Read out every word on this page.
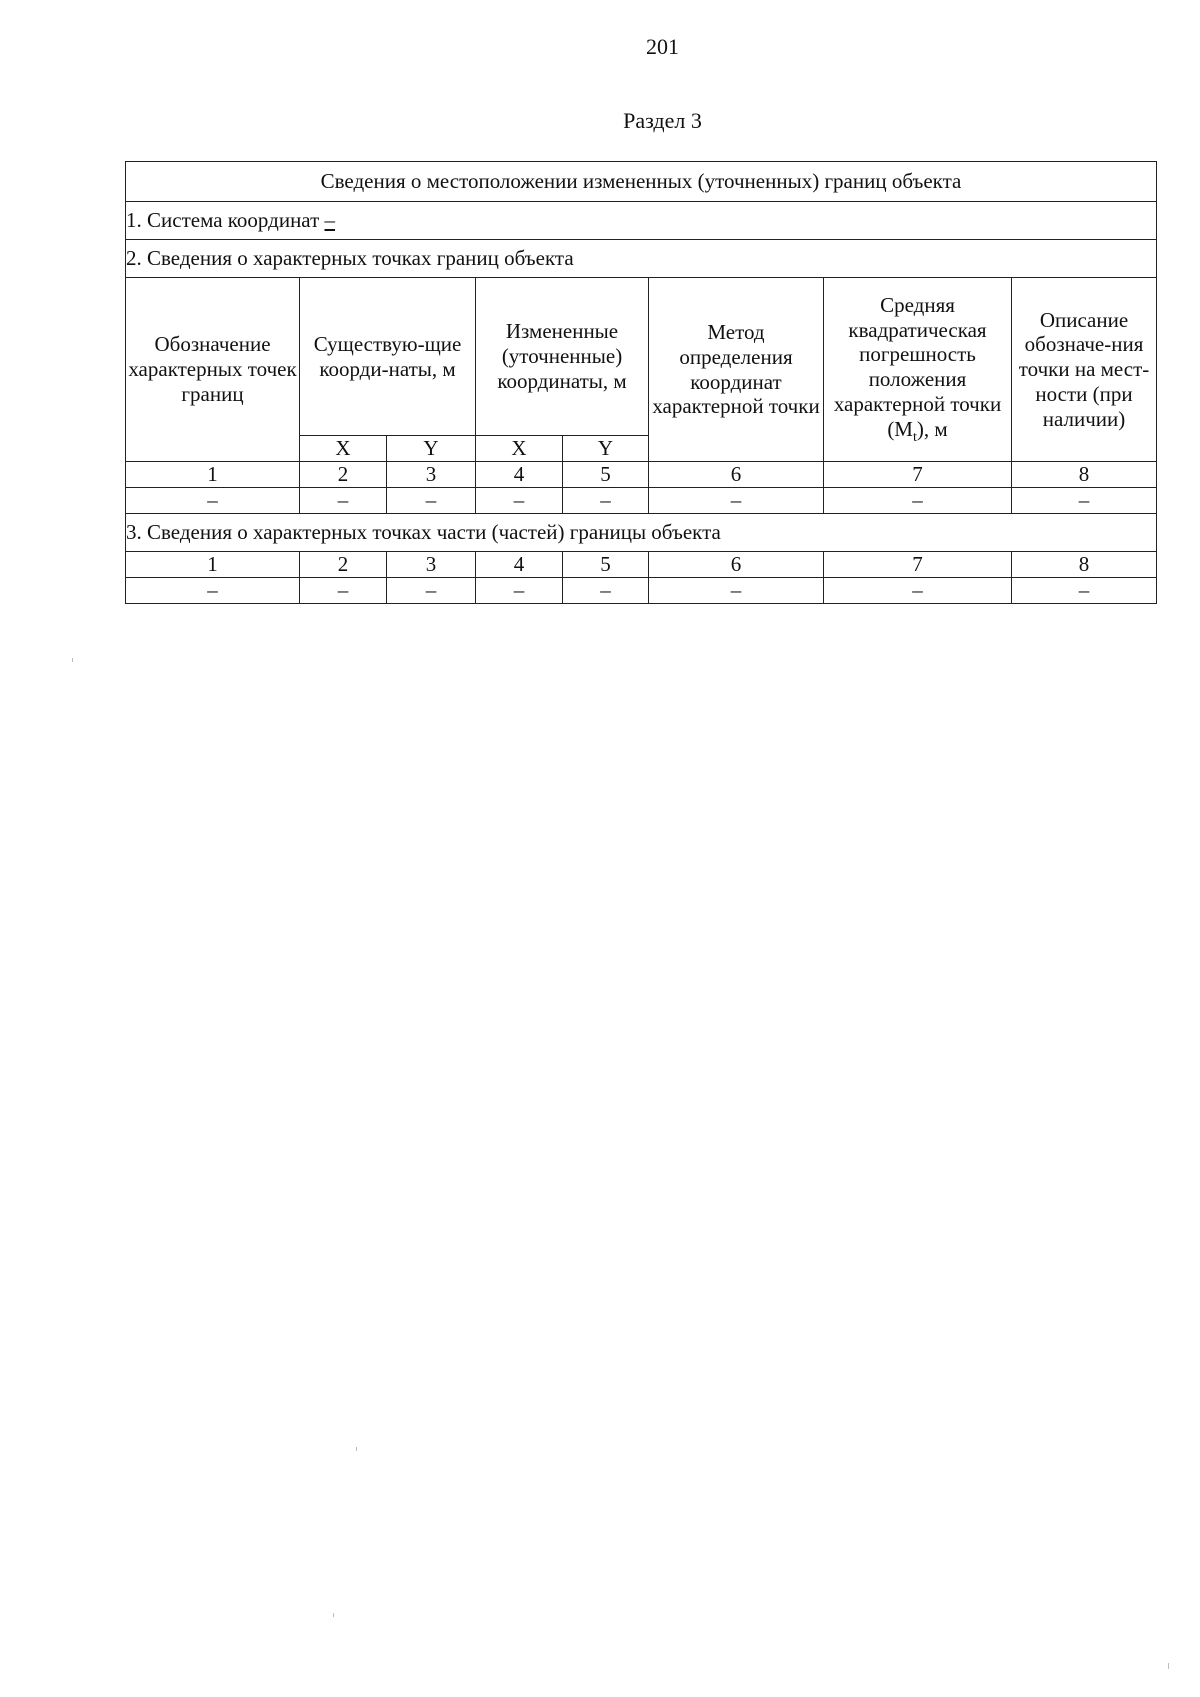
201
Раздел 3
Сведения о местоположении измененных (уточненных) границ объекта							
1. Система координат –							
2. Сведения о характерных точках границ объекта							
Обозначение характерных точек границ	Существую-щие коорди-наты, м		Измененные (уточненные) координаты, м		Метод определения координат характерной точки	Средняя квадратическая погрешность положения характерной точки $(M_t)$, м	Описание обозначе-ния точки на мест-ности (при наличии)
	X	Y	X	Y			
1	2	3	4	5	6	7	8
–	–	–	–	–	–	–	–
3. Сведения о характерных точках части (частей) границы объекта							
1	2	3	4	5	6	7	8
–	–	–	–	–	–	–	–
